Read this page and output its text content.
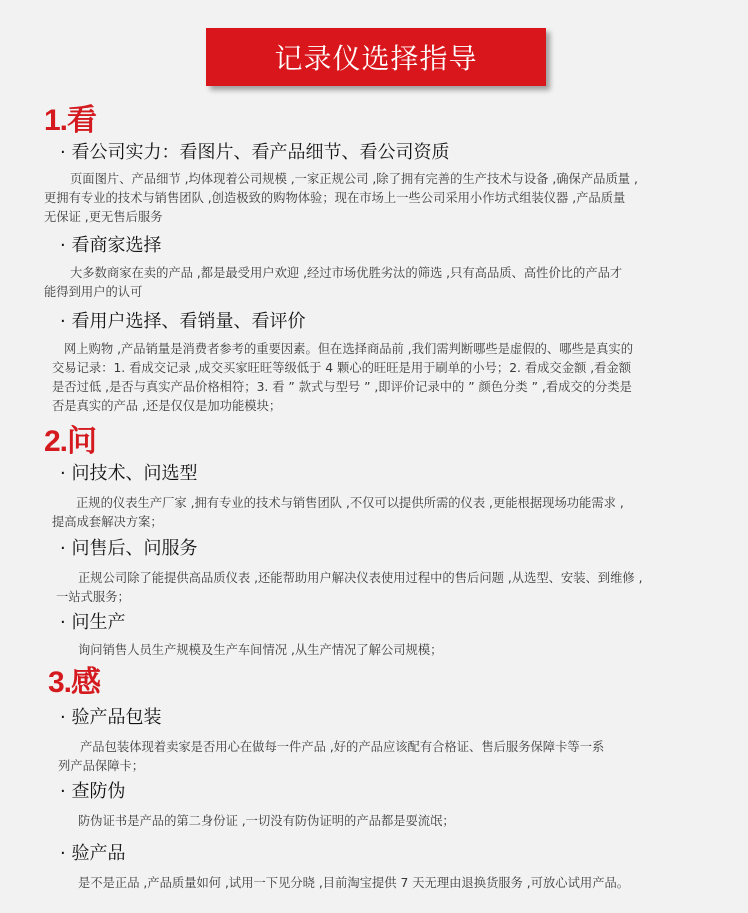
记录仪选择指导
1.看
· 看公司实力：看图片、看产品细节、看公司资质

页面图片、产品细节 ,均体现着公司规模 ,一家正规公司 ,除了拥有完善的生产技术与设备 ,确保产品质量 ,

更拥有专业的技术与销售团队 ,创造极致的购物体验；现在市场上一些公司采用小作坊式组装仪器 ,产品质量

无保证 ,更无售后服务

· 看商家选择

大多数商家在卖的产品 ,都是最受用户欢迎 ,经过市场优胜劣汰的筛选 ,只有高品质、高性价比的产品才

能得到用户的认可

· 看用户选择、看销量、看评价

网上购物 ,产品销量是消费者参考的重要因素。但在选择商品前 ,我们需判断哪些是虚假的、哪些是真实的

交易记录：1. 看成交记录 ,成交买家旺旺等级低于 4 颗心的旺旺是用于刷单的小号；2. 看成交金额 ,看金额

是否过低 ,是否与真实产品价格相符；3. 看 ” 款式与型号 ” ,即评价记录中的 ” 颜色分类 ” ,看成交的分类是

否是真实的产品 ,还是仅仅是加功能模块；

2.问
· 问技术、问选型

正规的仪表生产厂家 ,拥有专业的技术与销售团队 ,不仅可以提供所需的仪表 ,更能根据现场功能需求 ,

提高成套解决方案；

· 问售后、问服务

正规公司除了能提供高品质仪表 ,还能帮助用户解决仪表使用过程中的售后问题 ,从选型、安装、到维修 ,

一站式服务；

· 问生产

询问销售人员生产规模及生产车间情况 ,从生产情况了解公司规模；

3.感
· 验产品包装

产品包装体现着卖家是否用心在做每一件产品 ,好的产品应该配有合格证、售后服务保障卡等一系

列产品保障卡；

· 查防伪

防伪证书是产品的第二身份证 ,一切没有防伪证明的产品都是耍流氓；

· 验产品

是不是正品 ,产品质量如何 ,试用一下见分晓 ,目前淘宝提供 7 天无理由退换货服务 ,可放心试用产品。
